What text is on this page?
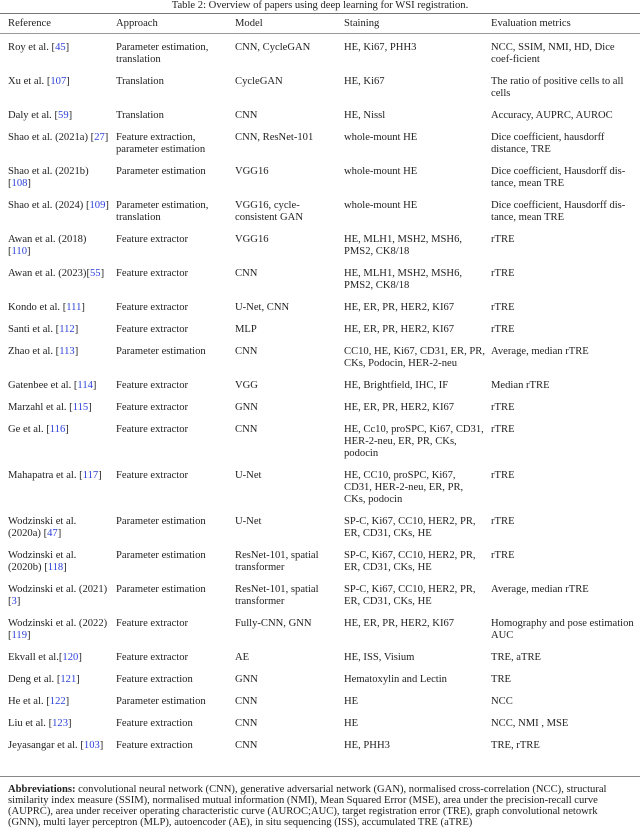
Table 2: Overview of papers using deep learning for WSI registration.
Reference	Approach	Model	Staining	Evaluation metrics

Roy et al. [45]	Parameter estimation, translation	CNN, CycleGAN	HE, Ki67, PHH3	NCC, SSIM, NMI, HD, Dice coef-ficient

Xu et al. [107]	Translation	CycleGAN	HE, Ki67	The ratio of positive cells to all cells

Daly et al. [59]	Translation	CNN	HE, Nissl	Accuracy, AUPRC, AUROC

Shao et al. (2021a) [27]	Feature extraction, parameter estimation	CNN, ResNet-101	whole-mount HE	Dice coefficient, hausdorff distance, TRE

Shao et al. (2021b)[108]	Parameter estimation	VGG16	whole-mount HE	Dice coefficient, Hausdorff dis-tance, mean TRE

Shao et al. (2024) [109]	Parameter estimation, translation	VGG16, cycle-consistent GAN	whole-mount HE	Dice coefficient, Hausdorff dis-tance, mean TRE

Awan et al. (2018) [110]	Feature extractor	VGG16	HE, MLH1, MSH2, MSH6, PMS2, CK8/18	rTRE

Awan et al. (2023)[55]	Feature extractor	CNN	HE, MLH1, MSH2, MSH6, PMS2, CK8/18	rTRE

Kondo et al. [111]	Feature extractor	U-Net, CNN	HE, ER, PR, HER2, KI67	rTRE

Santi et al. [112]	Feature extractor	MLP	HE, ER, PR, HER2, KI67	rTRE

Zhao et al. [113]	Parameter estimation	CNN	CC10, HE, Ki67, CD31, ER, PR, CKs, Podocin, HER-2-neu	Average, median rTRE

Gatenbee et al. [114]	Feature extractor	VGG	HE, Brightfield, IHC, IF	Median rTRE

Marzahl et al. [115]	Feature extractor	GNN	HE, ER, PR, HER2, KI67	rTRE

Ge et al. [116]	Feature extractor	CNN	HE, Cc10, proSPC, Ki67, CD31, HER-2-neu, ER, PR, CKs, podocin	rTRE

Mahapatra et al. [117]	Feature extractor	U-Net	HE, CC10, proSPC, Ki67, CD31, HER-2-neu, ER, PR, CKs, podocin	rTRE

Wodzinski et al. (2020a) [47]	Parameter estimation	U-Net	SP-C, Ki67, CC10, HER2, PR, ER, CD31, CKs, HE	rTRE

Wodzinski et al. (2020b) [118]	Parameter estimation	ResNet-101, spatial transformer	SP-C, Ki67, CC10, HER2, PR, ER, CD31, CKs, HE	rTRE

Wodzinski et al. (2021) [3]	Parameter estimation	ResNet-101, spatial transformer	SP-C, Ki67, CC10, HER2, PR, ER, CD31, CKs, HE	Average, median rTRE

Wodzinski et al. (2022)[119]	Feature extractor	Fully-CNN, GNN	HE, ER, PR, HER2, KI67	Homography and pose estimation AUC

Ekvall et al.[120]	Feature extractor	AE	HE, ISS, Visium	TRE, aTRE

Deng et al. [121]	Feature extraction	GNN	Hematoxylin and Lectin	TRE

He et al. [122]	Parameter estimation	CNN	HE	NCC

Liu et al. [123]	Feature extraction	CNN	HE	NCC, NMI , MSE

Jeyasangar et al. [103]	Feature extraction	CNN	HE, PHH3	TRE, rTRE
Abbreviations: convolutional neural network (CNN), generative adversarial network (GAN), normalised cross-correlation (NCC), structural similarity index measure (SSIM), normalised mutual information (NMI), Mean Squared Error (MSE), area under the precision-recall curve (AUPRC), area under receiver operating characteristic curve (AUROC;AUC), target registration error (TRE), graph convolutional netowrk (GNN), multi layer perceptron (MLP), autoencoder (AE), in situ sequencing (ISS), accumulated TRE (aTRE)
